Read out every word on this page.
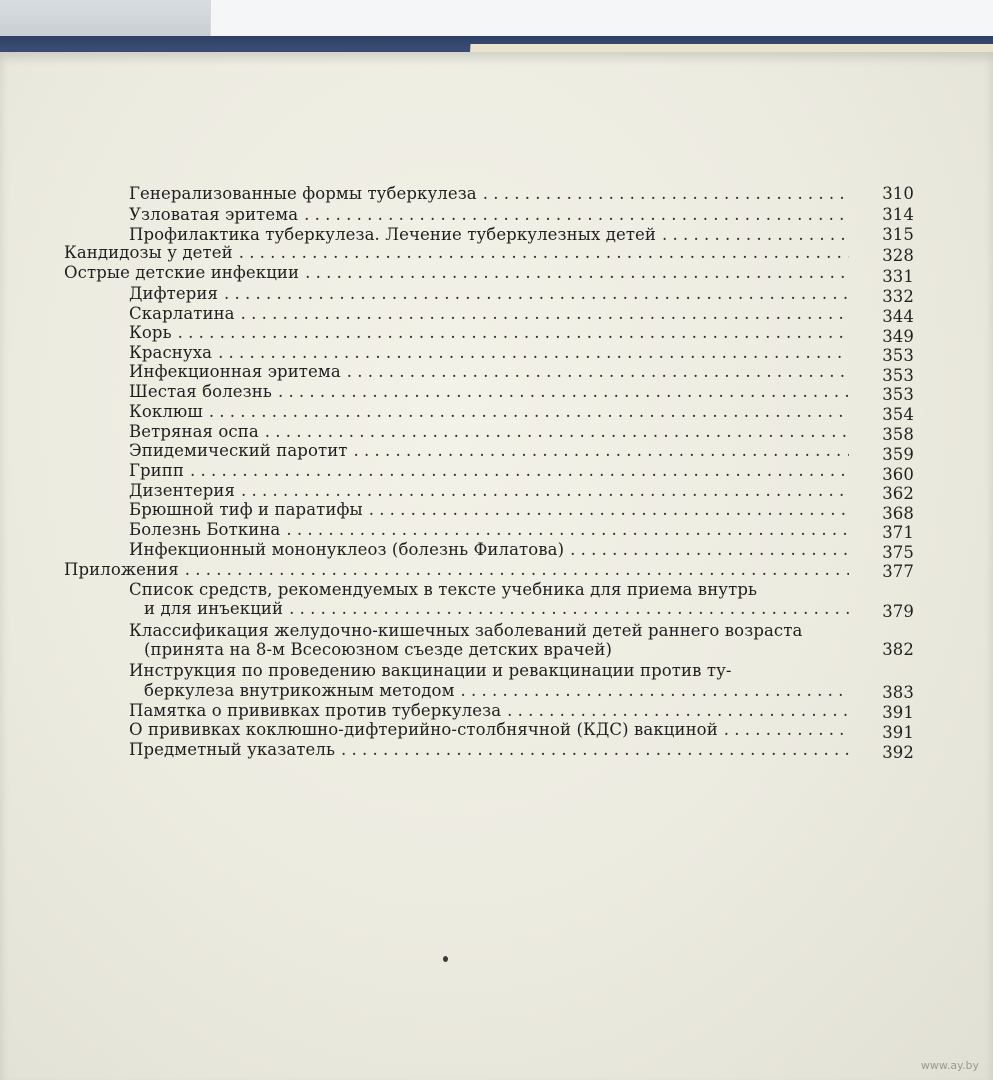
Генерализованные формы туберкулеза . . .	310
Узловатая эритема . . .	314
Профилактика туберкулеза. Лечение туберкулезных детей . . .	315
Кандидозы у детей . . .	328
Острые детские инфекции . . .	331
Дифтерия . . .	332
Скарлатина . . .	344
Корь . . .	349
Краснуха . . .	353
Инфекционная эритема . . .	353
Шестая болезнь . . .	353
Коклюш . . .	354
Ветряная оспа . . .	358
Эпидемический паротит . . .	359
Грипп . . .	360
Дизентерия . . .	362
Брюшной тиф и паратифы . . .	368
Болезнь Боткина . . .	371
Инфекционный мононуклеоз (болезнь Филатова) . . .	375
Приложения . . .	377
Список средств, рекомендуемых в тексте учебника для приема внутрь
и для инъекций . . .	379
Классификация желудочно-кишечных заболеваний детей раннего возраста
(принята на 8-м Всесоюзном съезде детских врачей)	382
Инструкция по проведению вакцинации и ревакцинации против ту-
беркулеза внутрикожным методом . . .	383
Памятка о прививках против туберкулеза . . .	391
О прививках коклюшно-дифтерийно-столбнячной (КДС) вакциной . . .	391
Предметный указатель . . .	392
www.ay.by
